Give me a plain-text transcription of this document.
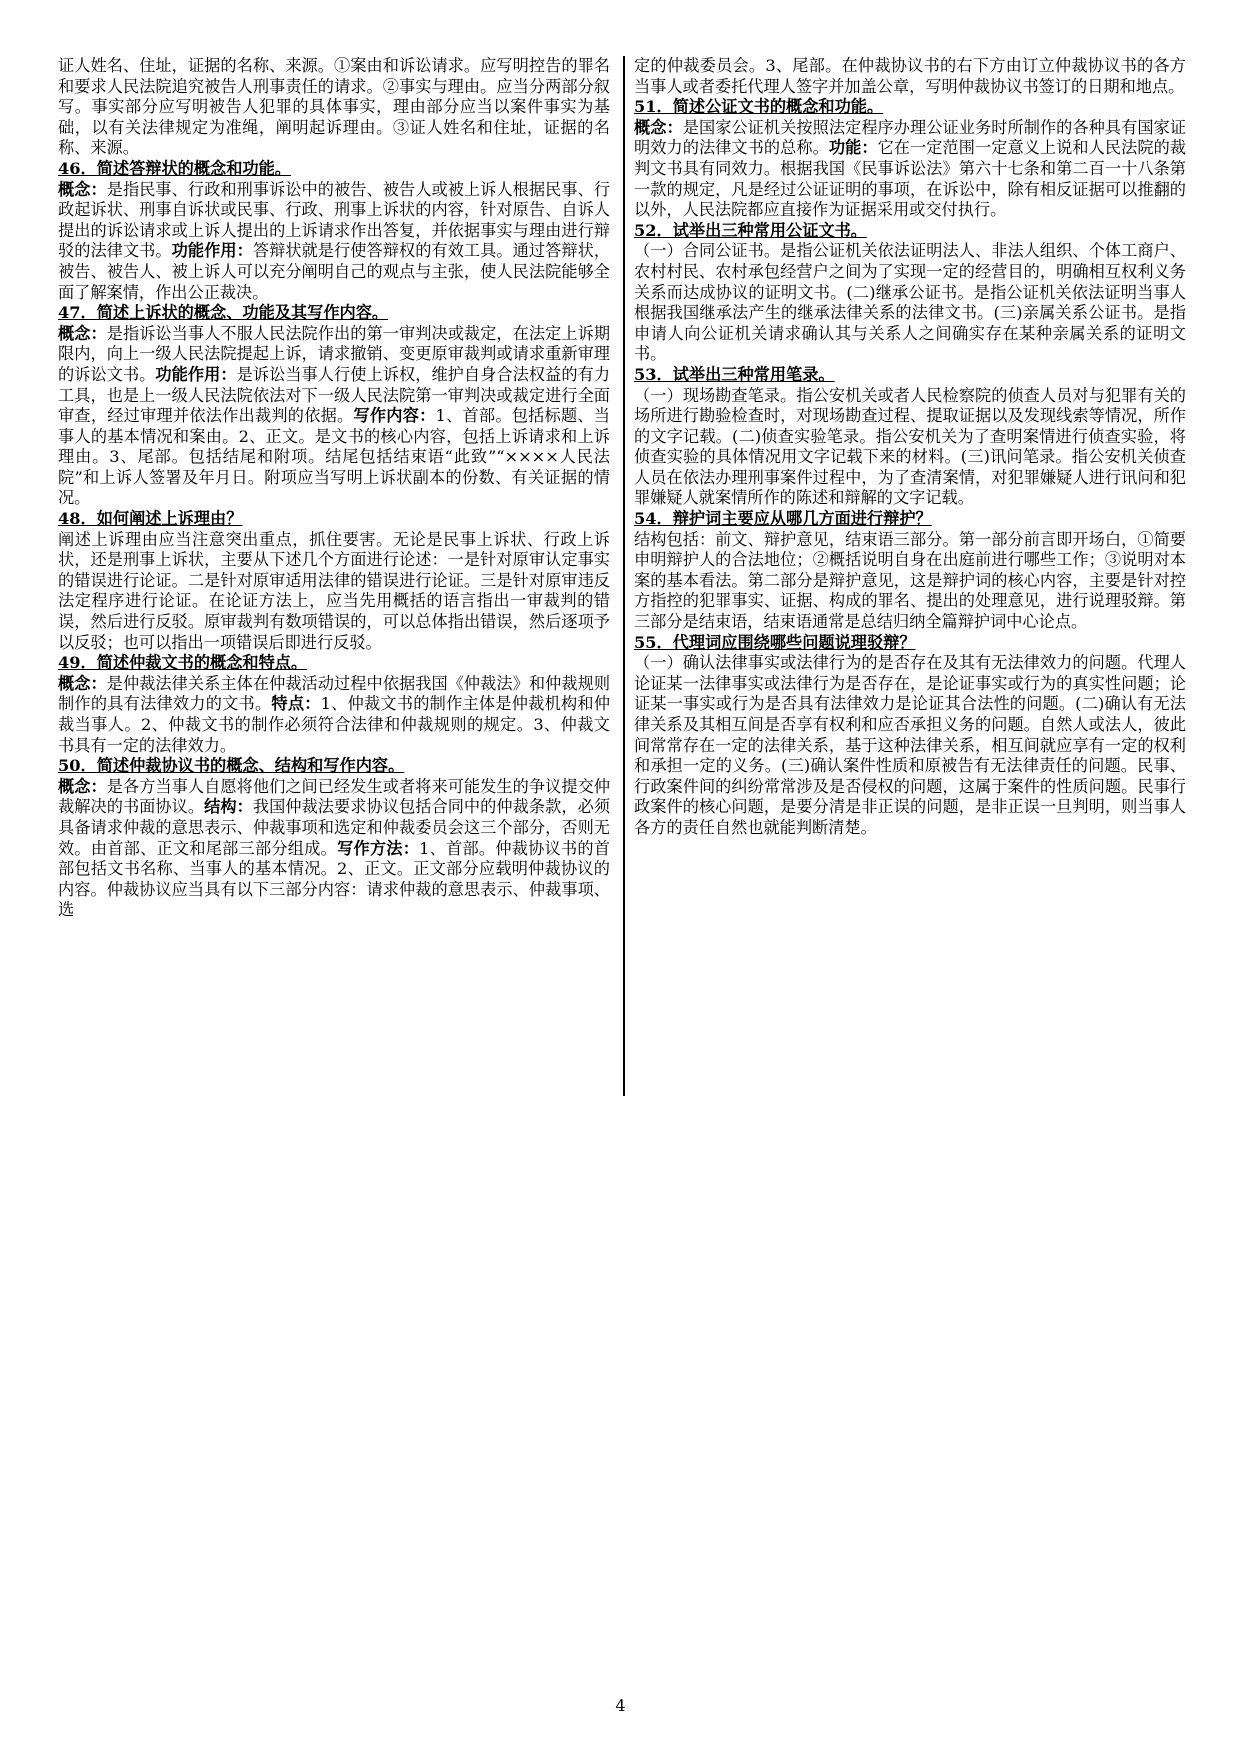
证人姓名、住址，证据的名称、来源。①案由和诉讼请求。应写明控告的罪名和要求人民法院追究被告人刑事责任的请求。②事实与理由。应当分两部分叙写。事实部分应写明被告人犯罪的具体事实，理由部分应当以案件事实为基础，以有关法律规定为准绳，阐明起诉理由。③证人姓名和住址，证据的名称、来源。

46．简述答辩状的概念和功能。

概念：是指民事、行政和刑事诉讼中的被告、被告人或被上诉人根据民事、行政起诉状、刑事自诉状或民事、行政、刑事上诉状的内容，针对原告、自诉人提出的诉讼请求或上诉人提出的上诉请求作出答复，并依据事实与理由进行辩驳的法律文书。功能作用：答辩状就是行使答辩权的有效工具。通过答辩状，被告、被告人、被上诉人可以充分阐明自己的观点与主张，使人民法院能够全面了解案情，作出公正裁决。

47．简述上诉状的概念、功能及其写作内容。

概念：是指诉讼当事人不服人民法院作出的第一审判决或裁定，在法定上诉期限内，向上一级人民法院提起上诉，请求撤销、变更原审裁判或请求重新审理的诉讼文书。功能作用：是诉讼当事人行使上诉权，维护自身合法权益的有力工具，也是上一级人民法院依法对下一级人民法院第一审判决或裁定进行全面审查，经过审理并依法作出裁判的依据。写作内容：1、首部。包括标题、当事人的基本情况和案由。2、正文。是文书的核心内容，包括上诉请求和上诉理由。3、尾部。包括结尾和附项。结尾包括结束语“此致”“××××人民法院”和上诉人签署及年月日。附项应当写明上诉状副本的份数、有关证据的情况。

48．如何阐述上诉理由？

阐述上诉理由应当注意突出重点，抓住要害。无论是民事上诉状、行政上诉状，还是刑事上诉状，主要从下述几个方面进行论述：一是针对原审认定事实的错误进行论证。二是针对原审适用法律的错误进行论证。三是针对原审违反法定程序进行论证。在论证方法上，应当先用概括的语言指出一审裁判的错误，然后进行反驳。原审裁判有数项错误的，可以总体指出错误，然后逐项予以反驳；也可以指出一项错误后即进行反驳。

49．简述仲裁文书的概念和特点。

概念：是仲裁法律关系主体在仲裁活动过程中依据我国《仲裁法》和仲裁规则制作的具有法律效力的文书。特点：1、仲裁文书的制作主体是仲裁机构和仲裁当事人。2、仲裁文书的制作必须符合法律和仲裁规则的规定。3、仲裁文书具有一定的法律效力。

50．简述仲裁协议书的概念、结构和写作内容。

概念：是各方当事人自愿将他们之间已经发生或者将来可能发生的争议提交仲裁解决的书面协议。结构：我国仲裁法要求协议包括合同中的仲裁条款，必须具备请求仲裁的意思表示、仲裁事项和选定和仲裁委员会这三个部分，否则无效。由首部、正文和尾部三部分组成。写作方法：1、首部。仲裁协议书的首部包括文书名称、当事人的基本情况。2、正文。正文部分应载明仲裁协议的内容。仲裁协议应当具有以下三部分内容：请求仲裁的意思表示、仲裁事项、选

定的仲裁委员会。3、尾部。在仲裁协议书的右下方由订立仲裁协议书的各方当事人或者委托代理人签字并加盖公章，写明仲裁协议书签订的日期和地点。

51．简述公证文书的概念和功能。

概念：是国家公证机关按照法定程序办理公证业务时所制作的各种具有国家证明效力的法律文书的总称。功能：它在一定范围一定意义上说和人民法院的裁判文书具有同效力。根据我国《民事诉讼法》第六十七条和第二百一十八条第一款的规定，凡是经过公证证明的事项，在诉讼中，除有相反证据可以推翻的以外，人民法院都应直接作为证据采用或交付执行。

52．试举出三种常用公证文书。

（一）合同公证书。是指公证机关依法证明法人、非法人组织、个体工商户、农村村民、农村承包经营户之间为了实现一定的经营目的，明确相互权利义务关系而达成协议的证明文书。(二)继承公证书。是指公证机关依法证明当事人根据我国继承法产生的继承法律关系的法律文书。(三)亲属关系公证书。是指申请人向公证机关请求确认其与关系人之间确实存在某种亲属关系的证明文书。

53．试举出三种常用笔录。

（一）现场勘查笔录。指公安机关或者人民检察院的侦查人员对与犯罪有关的场所进行勘验检查时，对现场勘查过程、提取证据以及发现线索等情况，所作的文字记载。(二)侦查实验笔录。指公安机关为了查明案情进行侦查实验，将侦查实验的具体情况用文字记载下来的材料。(三)讯问笔录。指公安机关侦查人员在依法办理刑事案件过程中，为了查清案情，对犯罪嫌疑人进行讯问和犯罪嫌疑人就案情所作的陈述和辩解的文字记载。

54．辩护词主要应从哪几方面进行辩护？

结构包括：前文、辩护意见，结束语三部分。第一部分前言即开场白，①简要申明辩护人的合法地位；②概括说明自身在出庭前进行哪些工作；③说明对本案的基本看法。第二部分是辩护意见，这是辩护词的核心内容，主要是针对控方指控的犯罪事实、证据、构成的罪名、提出的处理意见，进行说理驳辩。第三部分是结束语，结束语通常是总结归纳全篇辩护词中心论点。

55．代理词应围绕哪些问题说理驳辩？

（一）确认法律事实或法律行为的是否存在及其有无法律效力的问题。代理人论证某一法律事实或法律行为是否存在，是论证事实或行为的真实性问题；论证某一事实或行为是否具有法律效力是论证其合法性的问题。(二)确认有无法律关系及其相互间是否享有权利和应否承担义务的问题。自然人或法人，彼此间常常存在一定的法律关系，基于这种法律关系，相互间就应享有一定的权利和承担一定的义务。(三)确认案件性质和原被告有无法律责任的问题。民事、行政案件间的纠纷常常涉及是否侵权的问题，这属于案件的性质问题。民事行政案件的核心问题，是要分清是非正误的问题，是非正误一旦判明，则当事人各方的责任自然也就能判断清楚。

4
